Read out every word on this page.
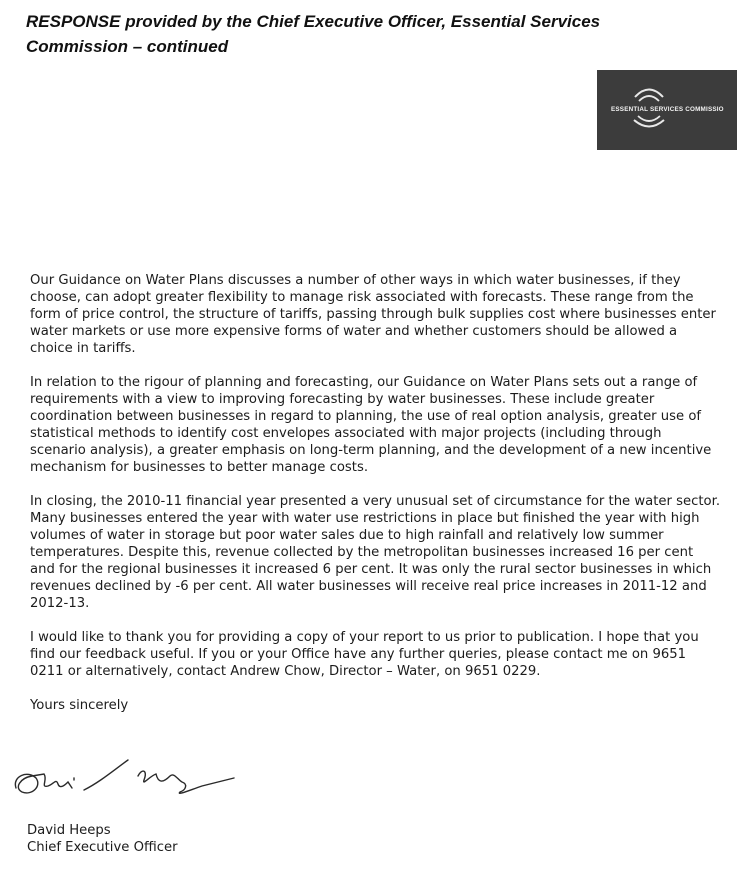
RESPONSE provided by the Chief Executive Officer, Essential Services
Commission – continued
ESSENTIAL SERVICES COMMISSIO

Our Guidance on Water Plans discusses a number of other ways in which water businesses, if they choose, can adopt greater flexibility to manage risk associated with forecasts. These range from the form of price control, the structure of tariffs, passing through bulk supplies cost where businesses enter water markets or use more expensive forms of water and whether customers should be allowed a choice in tariffs.

In relation to the rigour of planning and forecasting, our Guidance on Water Plans sets out a range of requirements with a view to improving forecasting by water businesses. These include greater coordination between businesses in regard to planning, the use of real option analysis, greater use of statistical methods to identify cost envelopes associated with major projects (including through scenario analysis), a greater emphasis on long-term planning, and the development of a new incentive mechanism for businesses to better manage costs.

In closing, the 2010-11 financial year presented a very unusual set of circumstance for the water sector. Many businesses entered the year with water use restrictions in place but finished the year with high volumes of water in storage but poor water sales due to high rainfall and relatively low summer temperatures. Despite this, revenue collected by the metropolitan businesses increased 16 per cent and for the regional businesses it increased 6 per cent. It was only the rural sector businesses in which revenues declined by -6 per cent. All water businesses will receive real price increases in 2011-12 and 2012-13.

I would like to thank you for providing a copy of your report to us prior to publication. I hope that you find our feedback useful. If you or your Office have any further queries, please contact me on 9651 0211 or alternatively, contact Andrew Chow, Director – Water, on 9651 0229.

Yours sincerely

David Heeps
Chief Executive Officer
